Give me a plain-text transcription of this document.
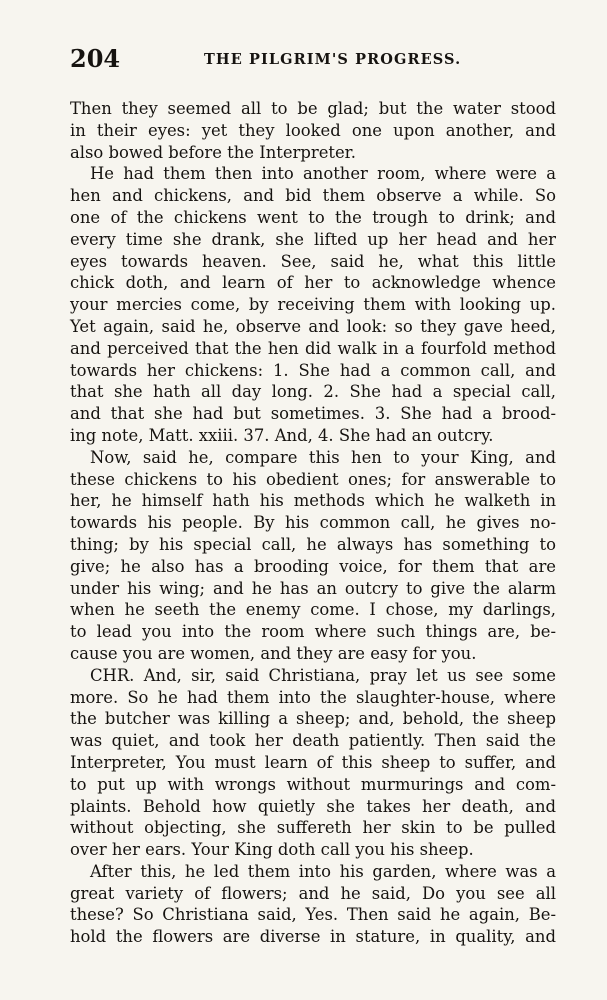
204	THE PILGRIM'S PROGRESS.
Then they seemed all to be glad; but the water stood
in their eyes: yet they looked one upon another, and
also bowed before the Interpreter.
He had them then into another room, where were a
hen and chickens, and bid them observe a while. So
one of the chickens went to the trough to drink; and
every time she drank, she lifted up her head and her
eyes towards heaven. See, said he, what this little
chick doth, and learn of her to acknowledge whence
your mercies come, by receiving them with looking up.
Yet again, said he, observe and look: so they gave heed,
and perceived that the hen did walk in a fourfold method
towards her chickens: 1. She had a common call, and
that she hath all day long. 2. She had a special call,
and that she had but sometimes. 3. She had a brood-
ing note, Matt. xxiii. 37. And, 4. She had an outcry.
Now, said he, compare this hen to your King, and
these chickens to his obedient ones; for answerable to
her, he himself hath his methods which he walketh in
towards his people. By his common call, he gives no-
thing; by his special call, he always has something to
give; he also has a brooding voice, for them that are
under his wing; and he has an outcry to give the alarm
when he seeth the enemy come. I chose, my darlings,
to lead you into the room where such things are, be-
cause you are women, and they are easy for you.
CHR. And, sir, said Christiana, pray let us see some
more. So he had them into the slaughter-house, where
the butcher was killing a sheep; and, behold, the sheep
was quiet, and took her death patiently. Then said the
Interpreter, You must learn of this sheep to suffer, and
to put up with wrongs without murmurings and com-
plaints. Behold how quietly she takes her death, and
without objecting, she suffereth her skin to be pulled
over her ears. Your King doth call you his sheep.
After this, he led them into his garden, where was a
great variety of flowers; and he said, Do you see all
these? So Christiana said, Yes. Then said he again, Be-
hold the flowers are diverse in stature, in quality, and
